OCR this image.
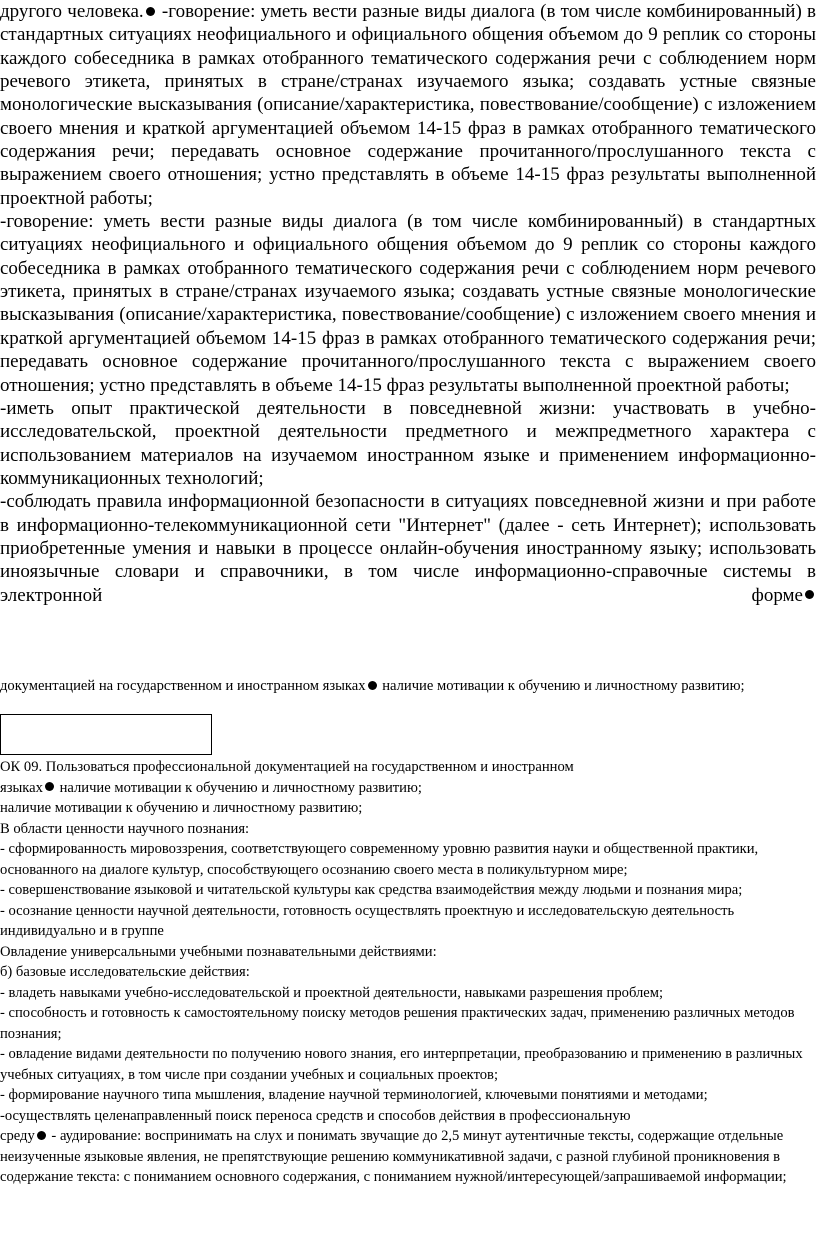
другого человека. -говорение: уметь вести разные виды диалога (в том числе комбинированный) в стандартных ситуациях неофициального и официального общения объемом до 9 реплик со стороны каждого собеседника в рамках отобранного тематического содержания речи с соблюдением норм речевого этикета, принятых в стране/странах изучаемого языка; создавать устные связные монологические высказывания (описание/характеристика, повествование/сообщение) с изложением своего мнения и краткой аргументацией объемом 14-15 фраз в рамках отобранного тематического содержания речи; передавать основное содержание прочитанного/прослушанного текста с выражением своего отношения; устно представлять в объеме 14-15 фраз результаты выполненной проектной работы;

-говорение: уметь вести разные виды диалога (в том числе комбинированный) в стандартных ситуациях неофициального и официального общения объемом до 9 реплик со стороны каждого собеседника в рамках отобранного тематического содержания речи с соблюдением норм речевого этикета, принятых в стране/странах изучаемого языка; создавать устные связные монологические высказывания (описание/характеристика, повествование/сообщение) с изложением своего мнения и краткой аргументацией объемом 14-15 фраз в рамках отобранного тематического содержания речи; передавать основное содержание прочитанного/прослушанного текста с выражением своего отношения; устно представлять в объеме 14-15 фраз результаты выполненной проектной работы;

-иметь опыт практической деятельности в повседневной жизни: участвовать в учебно-исследовательской, проектной деятельности предметного и межпредметного характера с использованием материалов на изучаемом иностранном языке и применением информационно-коммуникационных технологий;

-соблюдать правила информационной безопасности в ситуациях повседневной жизни и при работе в информационно-телекоммуникационной сети "Интернет" (далее - сеть Интернет); использовать приобретенные умения и навыки в процессе онлайн-обучения иностранному языку; использовать иноязычные словари и справочники, в том числе информационно-справочные системы в электронной форме

документацией на государственном и иностранном языках наличие мотивации к обучению и личностному развитию;

ОК 09. Пользоваться профессиональной документацией на государственном и иностранном

языках наличие мотивации к обучению и личностному развитию;

наличие мотивации к обучению и личностному развитию;

В области ценности научного познания:

- сформированность мировоззрения, соответствующего современному уровню развития науки и общественной практики, основанного на диалоге культур, способствующего осознанию своего места в поликультурном мире;

- совершенствование языковой и читательской культуры как средства взаимодействия между людьми и познания мира;

- осознание ценности научной деятельности, готовность осуществлять проектную и исследовательскую деятельность индивидуально и в группе

Овладение универсальными учебными познавательными действиями:

б) базовые исследовательские действия:

- владеть навыками учебно-исследовательской и проектной деятельности, навыками разрешения проблем;

- способность и готовность к самостоятельному поиску методов решения практических задач, применению различных методов познания;

- овладение видами деятельности по получению нового знания, его интерпретации, преобразованию и применению в различных учебных ситуациях, в том числе при создании учебных и социальных проектов;

- формирование научного типа мышления, владение научной терминологией, ключевыми понятиями и методами;

-осуществлять целенаправленный поиск переноса средств и способов действия в профессиональную

среду - аудирование: воспринимать на слух и понимать звучащие до 2,5 минут аутентичные тексты, содержащие отдельные неизученные языковые явления, не препятствующие решению коммуникативной задачи, с разной глубиной проникновения в содержание текста: с пониманием основного содержания, с пониманием нужной/интересующей/запрашиваемой информации;
